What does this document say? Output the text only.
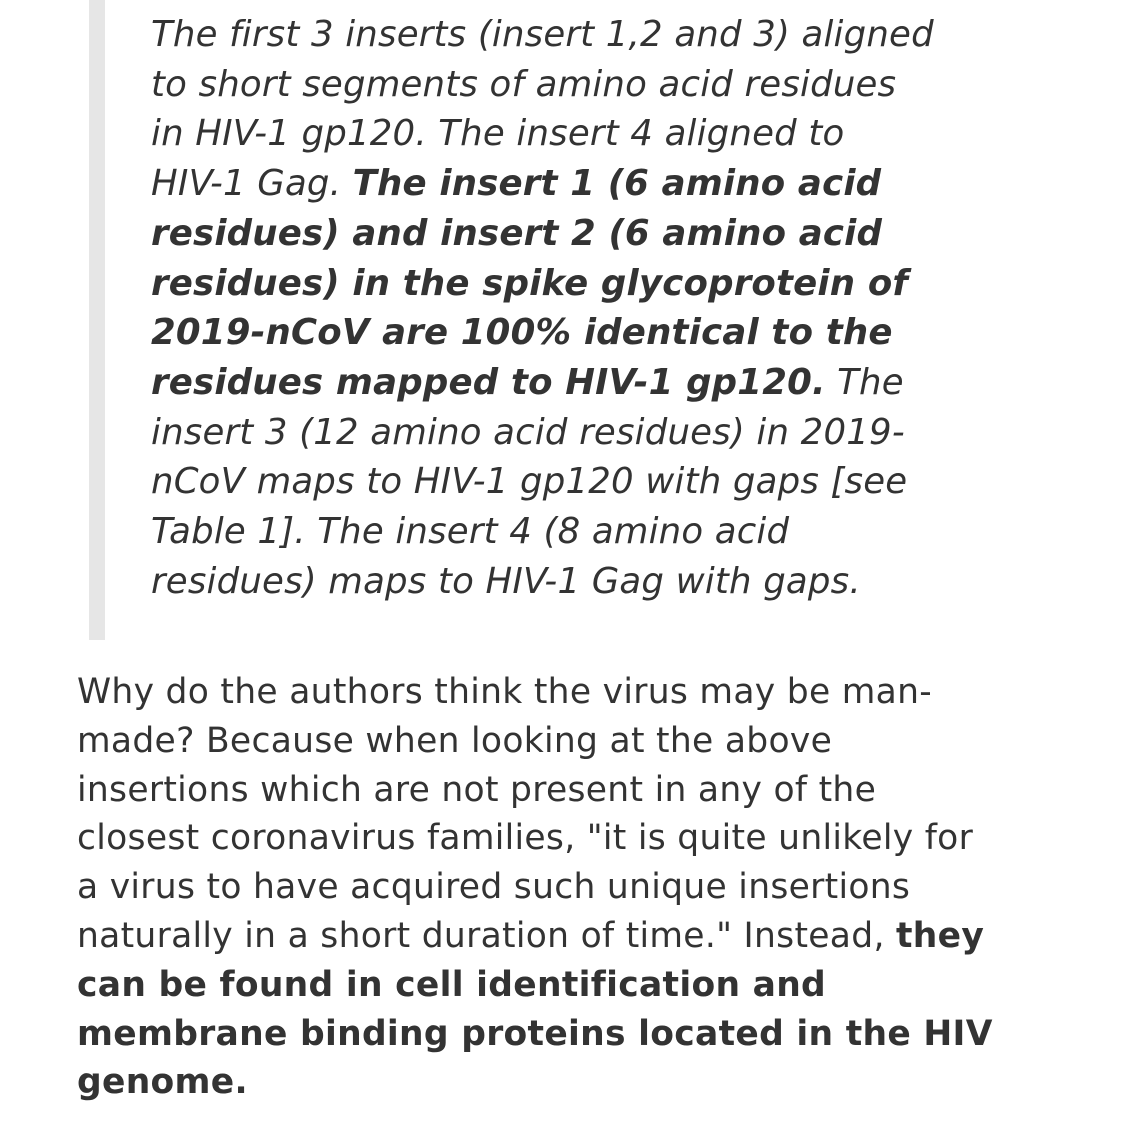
The first 3 inserts (insert 1,2 and 3) aligned
to short segments of amino acid residues
in HIV-1 gp120. The insert 4 aligned to
HIV-1 Gag. The insert 1 (6 amino acid
residues) and insert 2 (6 amino acid
residues) in the spike glycoprotein of
2019-nCoV are 100% identical to the
residues mapped to HIV-1 gp120. The
insert 3 (12 amino acid residues) in 2019-
nCoV maps to HIV-1 gp120 with gaps [see
Table 1]. The insert 4 (8 amino acid
residues) maps to HIV-1 Gag with gaps.

Why do the authors think the virus may be man-
made? Because when looking at the above
insertions which are not present in any of the
closest coronavirus families, "it is quite unlikely for
a virus to have acquired such unique insertions
naturally in a short duration of time." Instead, they
can be found in cell identification and
membrane binding proteins located in the HIV
genome.
